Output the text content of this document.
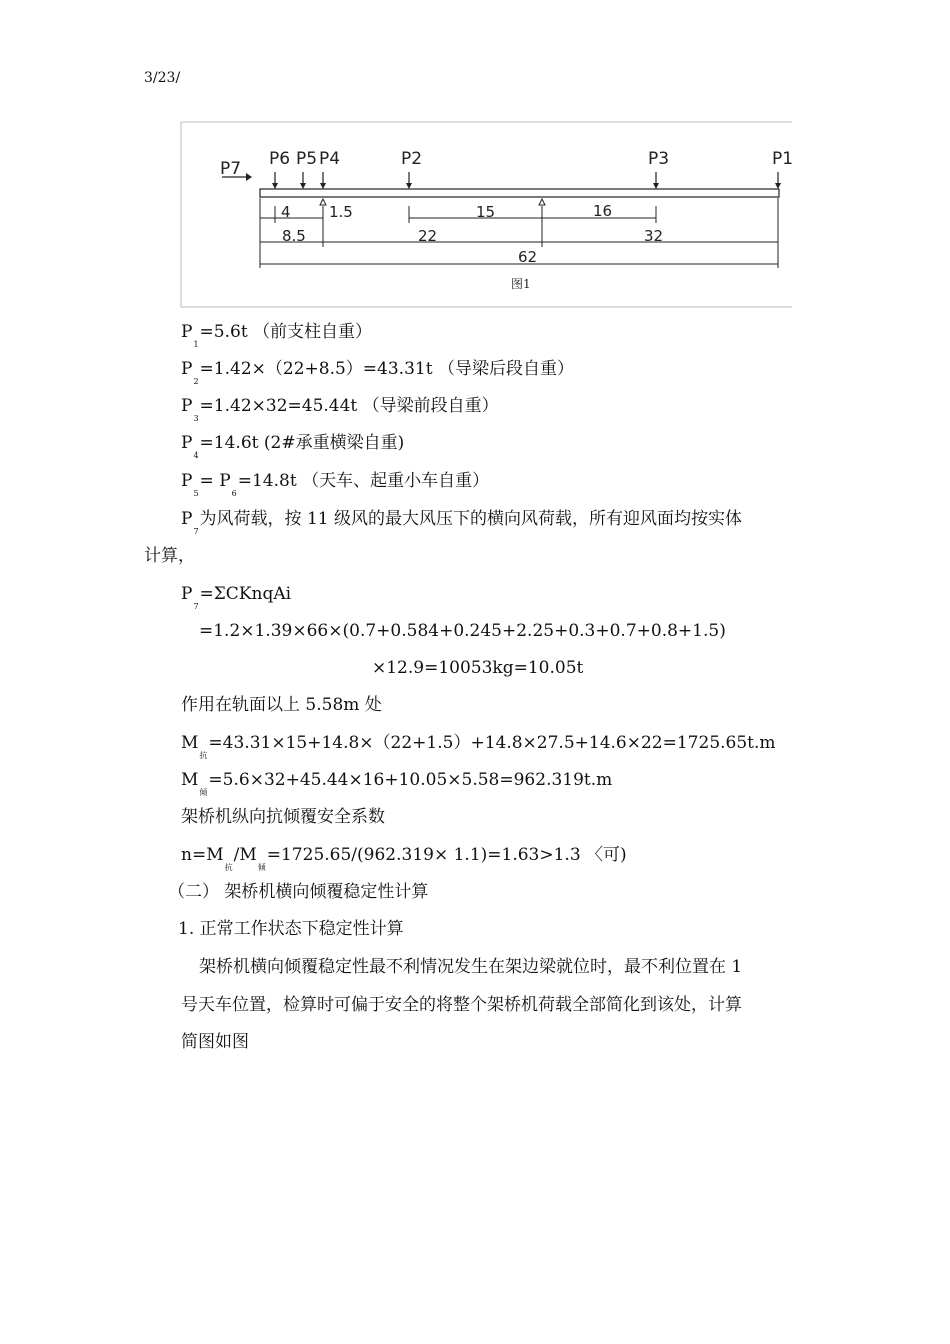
3/23/
P7 P6 P5 P4	P2	P3	P1
4	1.5	15	16
8.5	22	32
62
图1
$P_1=5.6t$ （前支柱自重）
$P_2=1.42\times(22+8.5)=43.31t$ （导梁后段自重）
$P_3=1.42\times 32=45.44t$ （导梁前段自重）
$P_4=14.6t$ (2#承重横梁自重)
$P_5= P_6=14.8t$ （天车、起重小车自重）
$P_7$为风荷载，按 11 级风的最大风压下的横向风荷载，所有迎风面均按实体
计算，
$P_7=\Sigma CKnqAi$
=1.2×1.39×66×(0.7+0.584+0.245+2.25+0.3+0.7+0.8+1.5)
×12.9=10053kg=10.05t
作用在轨面以上 5.58m 处
$M_抗=43.31\times 15+14.8\times(22+1.5)+14.8\times 27.5+14.6\times 22=1725.65t.m$
$M_倾=5.6\times 32+45.44\times 16+10.05\times 5.58=962.319t.m$
架桥机纵向抗倾覆安全系数
$n=M_抗/M_倾=1725.65/(962.319\times 1.1)=1.63>1.3$ 〈可)
（二） 架桥机横向倾覆稳定性计算
1. 正常工作状态下稳定性计算
架桥机横向倾覆稳定性最不利情况发生在架边梁就位时，最不利位置在 1
号天车位置，检算时可偏于安全的将整个架桥机荷载全部简化到该处，计算
简图如图
